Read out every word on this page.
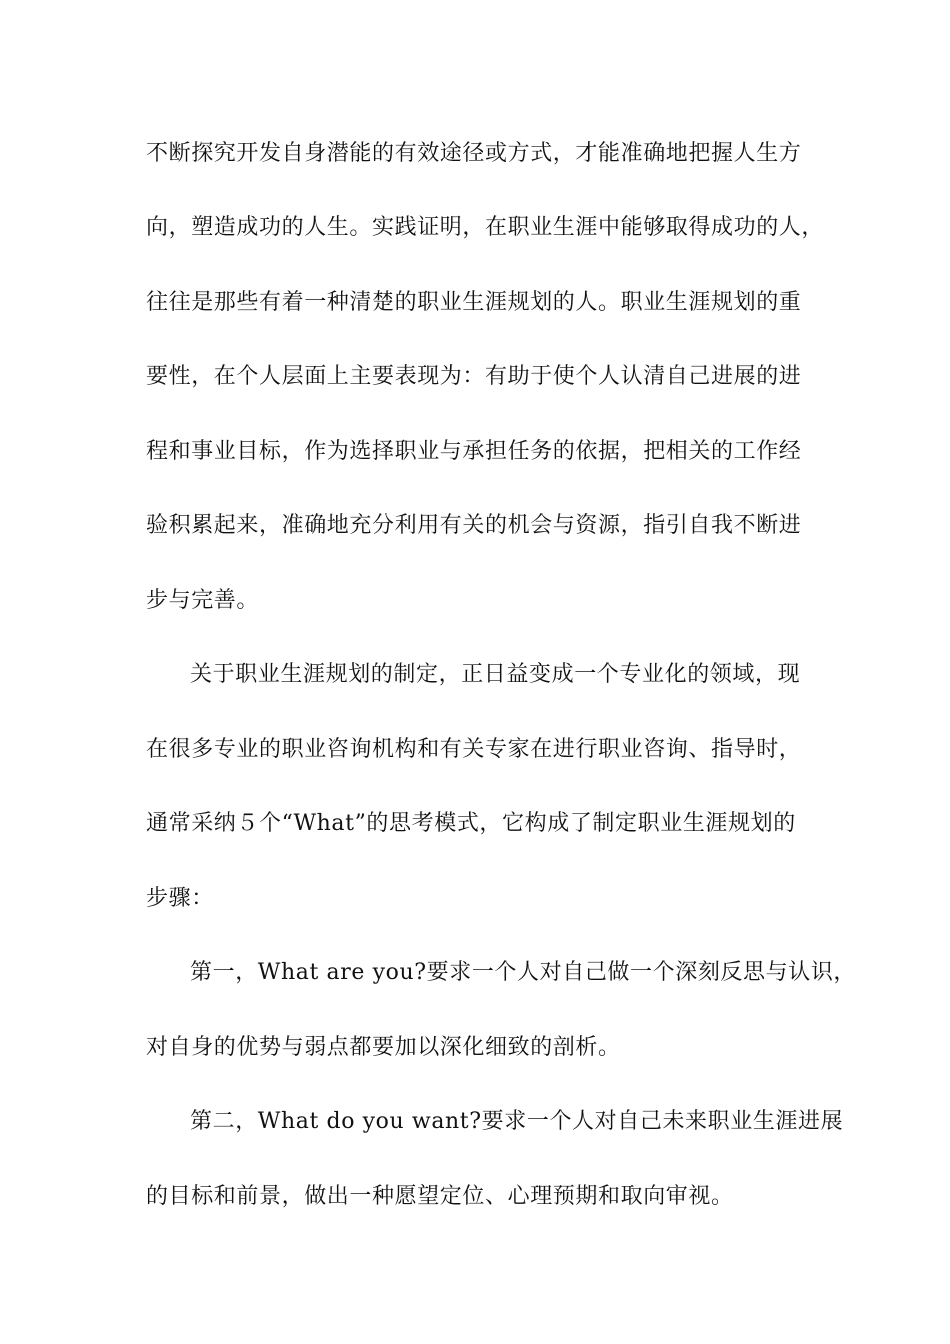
不断探究开发自身潜能的有效途径或方式，才能准确地把握人生方

向，塑造成功的人生。实践证明，在职业生涯中能够取得成功的人，

往往是那些有着一种清楚的职业生涯规划的人。职业生涯规划的重

要性，在个人层面上主要表现为：有助于使个人认清自己进展的进

程和事业目标，作为选择职业与承担任务的依据，把相关的工作经

验积累起来，准确地充分利用有关的机会与资源，指引自我不断进

步与完善。

关于职业生涯规划的制定，正日益变成一个专业化的领域，现

在很多专业的职业咨询机构和有关专家在进行职业咨询、指导时，

通常采纳５个“What”的思考模式，它构成了制定职业生涯规划的

步骤：

第一，What are you?要求一个人对自己做一个深刻反思与认识，

对自身的优势与弱点都要加以深化细致的剖析。

第二，What do you want?要求一个人对自己未来职业生涯进展

的目标和前景，做出一种愿望定位、心理预期和取向审视。
